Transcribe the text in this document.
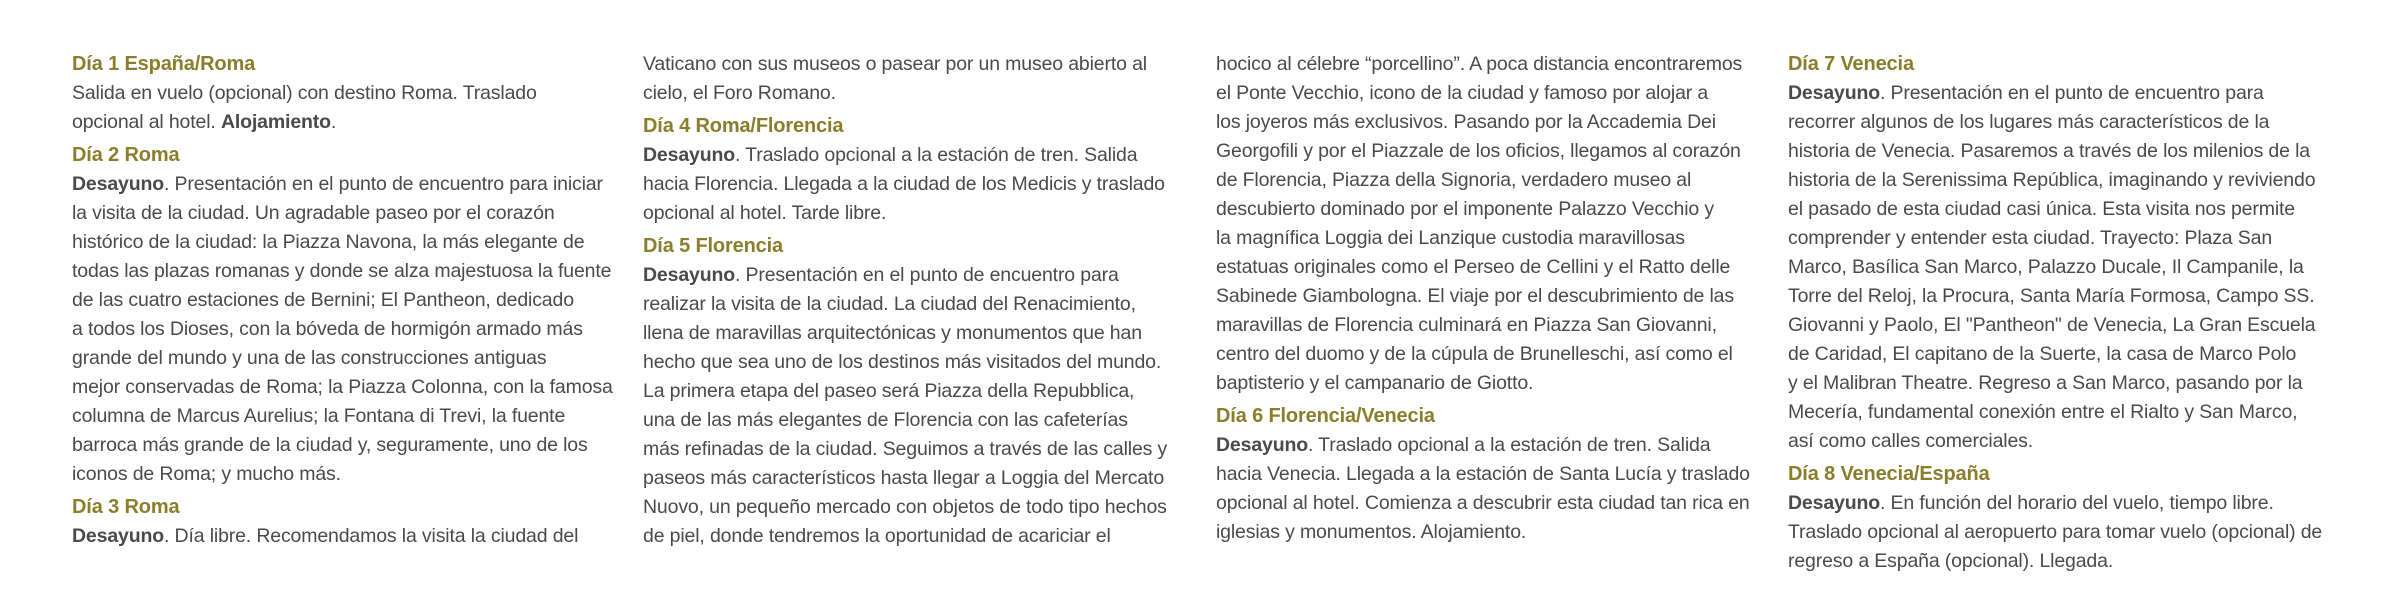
Día 1 España/Roma
Salida en vuelo (opcional) con destino Roma. Traslado
opcional al hotel. Alojamiento.
Día 2 Roma
Desayuno. Presentación en el punto de encuentro para iniciar
la visita de la ciudad. Un agradable paseo por el corazón
histórico de la ciudad: la Piazza Navona, la más elegante de
todas las plazas romanas y donde se alza majestuosa la fuente
de las cuatro estaciones de Bernini; El Pantheon, dedicado
a todos los Dioses, con la bóveda de hormigón armado más
grande del mundo y una de las construcciones antiguas
mejor conservadas de Roma; la Piazza Colonna, con la famosa
columna de Marcus Aurelius; la Fontana di Trevi, la fuente
barroca más grande de la ciudad y, seguramente, uno de los
iconos de Roma; y mucho más.
Día 3 Roma
Desayuno. Día libre. Recomendamos la visita la ciudad del
Vaticano con sus museos o pasear por un museo abierto al
cielo, el Foro Romano.
Día 4 Roma/Florencia
Desayuno. Traslado opcional a la estación de tren. Salida
hacia Florencia. Llegada a la ciudad de los Medicis y traslado
opcional al hotel. Tarde libre.
Día 5 Florencia
Desayuno. Presentación en el punto de encuentro para
realizar la visita de la ciudad. La ciudad del Renacimiento,
llena de maravillas arquitectónicas y monumentos que han
hecho que sea uno de los destinos más visitados del mundo.
La primera etapa del paseo será Piazza della Repubblica,
una de las más elegantes de Florencia con las cafeterías
más refinadas de la ciudad. Seguimos a través de las calles y
paseos más característicos hasta llegar a Loggia del Mercato
Nuovo, un pequeño mercado con objetos de todo tipo hechos
de piel, donde tendremos la oportunidad de acariciar el
hocico al célebre “porcellino”. A poca distancia encontraremos
el Ponte Vecchio, icono de la ciudad y famoso por alojar a
los joyeros más exclusivos. Pasando por la Accademia Dei
Georgofili y por el Piazzale de los oficios, llegamos al corazón
de Florencia, Piazza della Signoria, verdadero museo al
descubierto dominado por el imponente Palazzo Vecchio y
la magnífica Loggia dei Lanzique custodia maravillosas
estatuas originales como el Perseo de Cellini y el Ratto delle
Sabinede Giambologna. El viaje por el descubrimiento de las
maravillas de Florencia culminará en Piazza San Giovanni,
centro del duomo y de la cúpula de Brunelleschi, así como el
baptisterio y el campanario de Giotto.
Día 6 Florencia/Venecia
Desayuno. Traslado opcional a la estación de tren. Salida
hacia Venecia. Llegada a la estación de Santa Lucía y traslado
opcional al hotel. Comienza a descubrir esta ciudad tan rica en
iglesias y monumentos. Alojamiento.
Día 7 Venecia
Desayuno. Presentación en el punto de encuentro para
recorrer algunos de los lugares más característicos de la
historia de Venecia. Pasaremos a través de los milenios de la
historia de la Serenissima República, imaginando y reviviendo
el pasado de esta ciudad casi única. Esta visita nos permite
comprender y entender esta ciudad. Trayecto: Plaza San
Marco, Basílica San Marco, Palazzo Ducale, Il Campanile, la
Torre del Reloj, la Procura, Santa María Formosa, Campo SS.
Giovanni y Paolo, El "Pantheon" de Venecia, La Gran Escuela
de Caridad, El capitano de la Suerte, la casa de Marco Polo
y el Malibran Theatre. Regreso a San Marco, pasando por la
Mecería, fundamental conexión entre el Rialto y San Marco,
así como calles comerciales.
Día 8 Venecia/España
Desayuno. En función del horario del vuelo, tiempo libre.
Traslado opcional al aeropuerto para tomar vuelo (opcional) de
regreso a España (opcional). Llegada.
